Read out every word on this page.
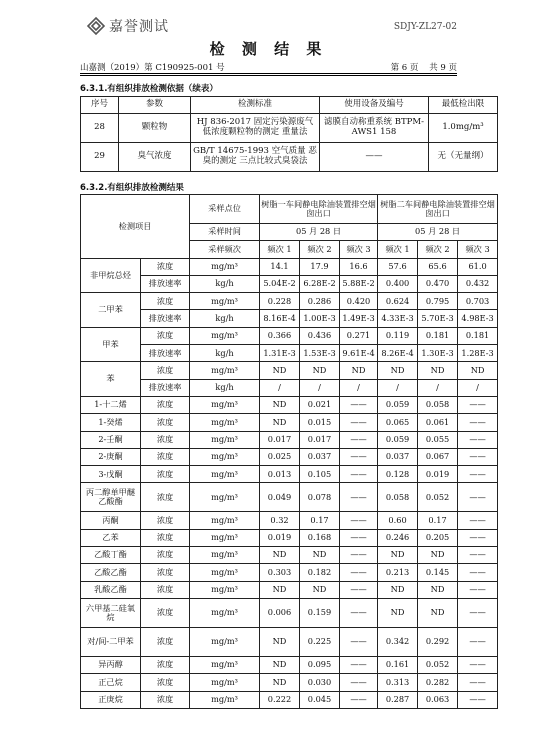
嘉誉测试	SDJY-ZL27-02
检 测 结 果
山嘉测（2019）第 C190925-001 号	第 6 页 共 9 页
6.3.1.有组织排放检测依据（续表）
序号	参数	检测标准	使用设备及编号	最低检出限
28	颗粒物	HJ 836-2017 固定污染源废气 低浓度颗粒物的测定 重量法	滤膜自动称重系统 BTPM-AWS1 158	1.0mg/m³
29	臭气浓度	GB/T 14675-1993 空气质量 恶臭的测定 三点比较式臭袋法	——	无（无量纲）
6.3.2.有组织排放检测结果
检测项目		采样点位	树脂一车间静电除油装置排空烟囱出口			树脂二车间静电除油装置排空烟囱出口		
		采样时间	05 月 28 日			05 月 28 日		
		采样频次	频次 1	频次 2	频次 3	频次 1	频次 2	频次 3
非甲烷总烃	浓度	mg/m³	14.1	17.9	16.6	57.6	65.6	61.0
	排放速率	kg/h	5.04E-2	6.28E-2	5.88E-2	0.400	0.470	0.432
二甲苯	浓度	mg/m³	0.228	0.286	0.420	0.624	0.795	0.703
	排放速率	kg/h	8.16E-4	1.00E-3	1.49E-3	4.33E-3	5.70E-3	4.98E-3
甲苯	浓度	mg/m³	0.366	0.436	0.271	0.119	0.181	0.181
	排放速率	kg/h	1.31E-3	1.53E-3	9.61E-4	8.26E-4	1.30E-3	1.28E-3
苯	浓度	mg/m³	ND	ND	ND	ND	ND	ND
	排放速率	kg/h	/	/	/	/	/	/
1-十二烯	浓度	mg/m³	ND	0.021	——	0.059	0.058	——
1-癸烯	浓度	mg/m³	ND	0.015	——	0.065	0.061	——
2-壬酮	浓度	mg/m³	0.017	0.017	——	0.059	0.055	——
2-庚酮	浓度	mg/m³	0.025	0.037	——	0.037	0.067	——
3-戊酮	浓度	mg/m³	0.013	0.105	——	0.128	0.019	——
丙二醇单甲醚乙酸酯	浓度	mg/m³	0.049	0.078	——	0.058	0.052	——
丙酮	浓度	mg/m³	0.32	0.17	——	0.60	0.17	——
乙苯	浓度	mg/m³	0.019	0.168	——	0.246	0.205	——
乙酸丁酯	浓度	mg/m³	ND	ND	——	ND	ND	——
乙酸乙酯	浓度	mg/m³	0.303	0.182	——	0.213	0.145	——
乳酸乙酯	浓度	mg/m³	ND	ND	——	ND	ND	——
六甲基二硅氧烷	浓度	mg/m³	0.006	0.159	——	ND	ND	——
对/间-二甲苯	浓度	mg/m³	ND	0.225	——	0.342	0.292	——
异丙醇	浓度	mg/m³	ND	0.095	——	0.161	0.052	——
正己烷	浓度	mg/m³	ND	0.030	——	0.313	0.282	——
正庚烷	浓度	mg/m³	0.222	0.045	——	0.287	0.063	——
